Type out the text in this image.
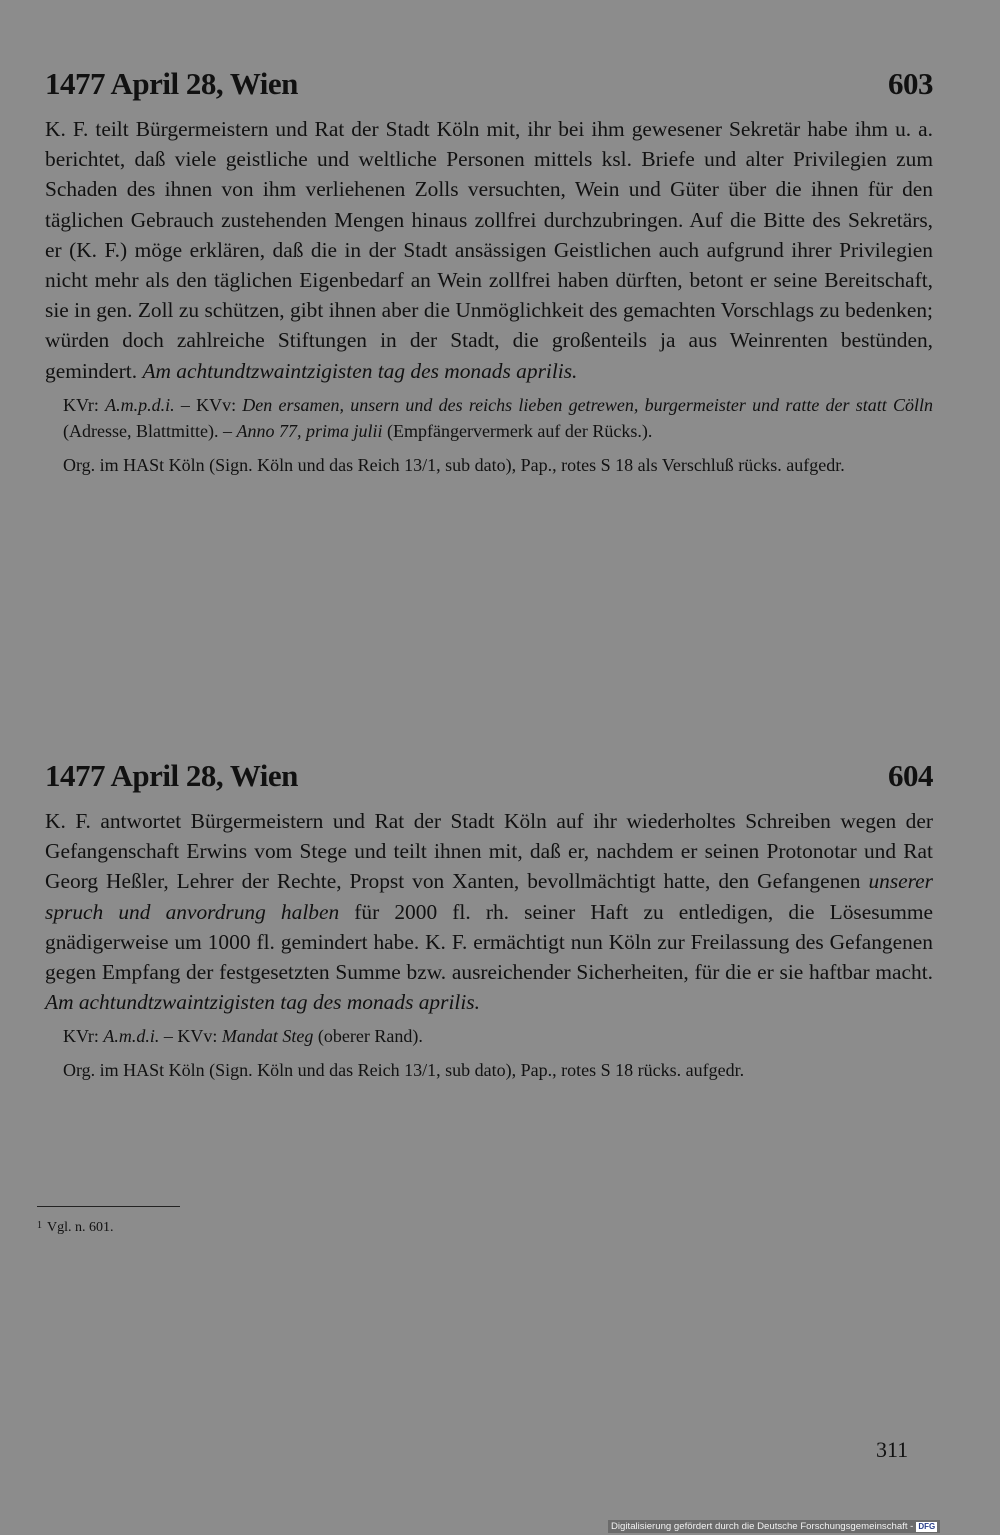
1477 April 28, Wien	603

K. F. teilt Bürgermeistern und Rat der Stadt Köln mit, ihr bei ihm gewesener Sekretär habe ihm u. a. berichtet, daß viele geistliche und weltliche Personen mittels ksl. Briefe und alter Privilegien zum Schaden des ihnen von ihm verliehenen Zolls versuchten, Wein und Güter über die ihnen für den täglichen Gebrauch zustehenden Mengen hinaus zollfrei durchzubringen. Auf die Bitte des Sekretärs, er (K. F.) möge erklären, daß die in der Stadt ansässigen Geistlichen auch aufgrund ihrer Privilegien nicht mehr als den täglichen Eigenbedarf an Wein zollfrei haben dürften, betont er seine Bereitschaft, sie in gen. Zoll zu schützen, gibt ihnen aber die Unmöglichkeit des gemachten Vorschlags zu bedenken; würden doch zahlreiche Stiftungen in der Stadt, die großenteils ja aus Weinrenten bestünden, gemindert. Am achtundtzwaintzigisten tag des monads aprilis.

KVr: A.m.p.d.i. – KVv: Den ersamen, unsern und des reichs lieben getrewen, burgermeister und ratte der statt Cölln (Adresse, Blattmitte). – Anno 77, prima julii (Empfängervermerk auf der Rücks.).

Org. im HASt Köln (Sign. Köln und das Reich 13/1, sub dato), Pap., rotes S 18 als Verschluß rücks. aufgedr.

1477 April 28, Wien	604

K. F. antwortet Bürgermeistern und Rat der Stadt Köln auf ihr wiederholtes Schreiben wegen der Gefangenschaft Erwins vom Stege und teilt ihnen mit, daß er, nachdem er seinen Protonotar und Rat Georg Heßler, Lehrer der Rechte, Propst von Xanten, bevollmächtigt hatte, den Gefangenen unserer spruch und anvordrung halben für 2000 fl. rh. seiner Haft zu entledigen, die Lösesumme gnädigerweise um 1000 fl. gemindert habe. K. F. ermächtigt nun Köln zur Freilassung des Gefangenen gegen Empfang der festgesetzten Summe bzw. ausreichender Sicherheiten, für die er sie haftbar macht. Am achtundtzwaintzigisten tag des monads aprilis.

KVr: A.m.d.i. – KVv: Mandat Steg (oberer Rand).

Org. im HASt Köln (Sign. Köln und das Reich 13/1, sub dato), Pap., rotes S 18 rücks. aufgedr.

$^1$ Vgl. n. 601.
311
Digitalisierung gefördert durch die Deutsche Forschungsgemeinschaft - DFG
